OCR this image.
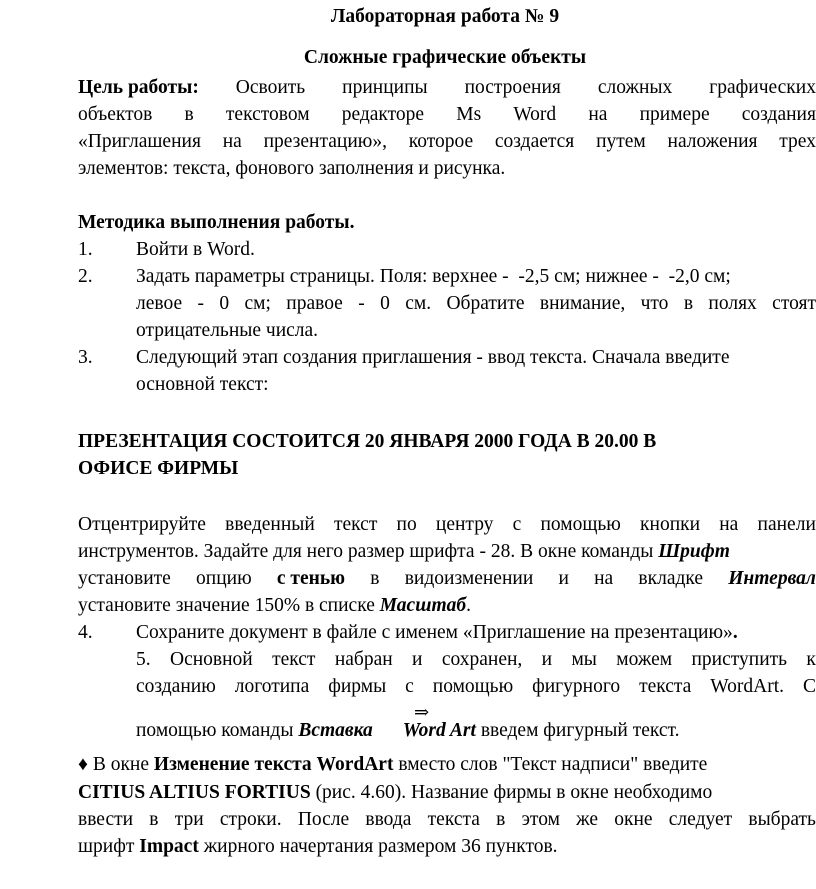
Лабораторная работа № 9
Сложные графические объекты
Цель работы: Освоить принципы построения сложных графических
объектов в текстовом редакторе Ms Word на примере создания
«Приглашения на презентацию», которое создается путем наложения трех
элементов: текста, фонового заполнения и рисунка.
Методика выполнения работы.
1. Войти в Word.
2. Задать параметры страницы. Поля: верхнее -  -2,5 см; нижнее -  -2,0 см;
левое - 0 см; правое - 0 см. Обратите внимание, что в полях стоят
отрицательные числа.
3. Следующий этап создания приглашения - ввод текста. Сначала введите
основной текст:
ПРЕЗЕНТАЦИЯ СОСТОИТСЯ 20 ЯНВАРЯ 2000 ГОДА В 20.00 В
ОФИСЕ ФИРМЫ
Отцентрируйте введенный текст по центру с помощью кнопки на панели
инструментов. Задайте для него размер шрифта - 28. В окне команды Шрифт
установите опцию с тенью в видоизменении и на вкладке Интервал
установите значение 150% в списке Масштаб.
4. Сохраните документ в файле с именем «Приглашение на презентацию».
5. Основной текст набран и сохранен, и мы можем приступить к
созданию логотипа фирмы с помощью фигурного текста WordArt. С
помощью команды Вставка Word Art введем фигурный текст.
⇒
♦ В окне Изменение текста WordArt вместо слов "Текст надписи" введите
CITIUS ALTIUS FORTIUS (рис. 4.60). Название фирмы в окне необходимо
ввести в три строки. После ввода текста в этом же окне следует выбрать
шрифт Impact жирного начертания размером 36 пунктов.
